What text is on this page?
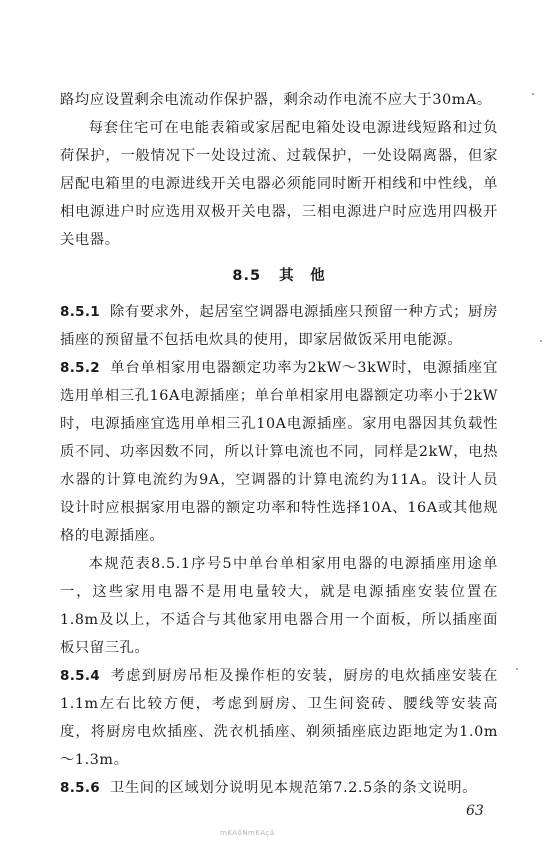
路均应设置剩余电流动作保护器，剩余动作电流不应大于30mA。

每套住宅可在电能表箱或家居配电箱处设电源进线短路和过负荷保护，一般情况下一处设过流、过载保护，一处设隔离器，但家居配电箱里的电源进线开关电器必须能同时断开相线和中性线，单相电源进户时应选用双极开关电器，三相电源进户时应选用四极开关电器。

8.5 其　他

8.5.1 除有要求外，起居室空调器电源插座只预留一种方式；厨房插座的预留量不包括电炊具的使用，即家居做饭采用电能源。

8.5.2 单台单相家用电器额定功率为2kW～3kW时，电源插座宜选用单相三孔16A电源插座；单台单相家用电器额定功率小于2kW时，电源插座宜选用单相三孔10A电源插座。家用电器因其负载性质不同、功率因数不同，所以计算电流也不同，同样是2kW，电热水器的计算电流约为9A，空调器的计算电流约为11A。设计人员设计时应根据家用电器的额定功率和特性选择10A、16A或其他规格的电源插座。

本规范表8.5.1序号5中单台单相家用电器的电源插座用途单一，这些家用电器不是用电量较大，就是电源插座安装位置在1.8m及以上，不适合与其他家用电器合用一个面板，所以插座面板只留三孔。

8.5.4 考虑到厨房吊柜及操作柜的安装，厨房的电炊插座安装在1.1m左右比较方便，考虑到厨房、卫生间瓷砖、腰线等安装高度，将厨房电炊插座、洗衣机插座、剃须插座底边距地定为1.0m～1.3m。

8.5.6 卫生间的区域划分说明见本规范第7.2.5条的条文说明。

63
mKAõNmKAçä
